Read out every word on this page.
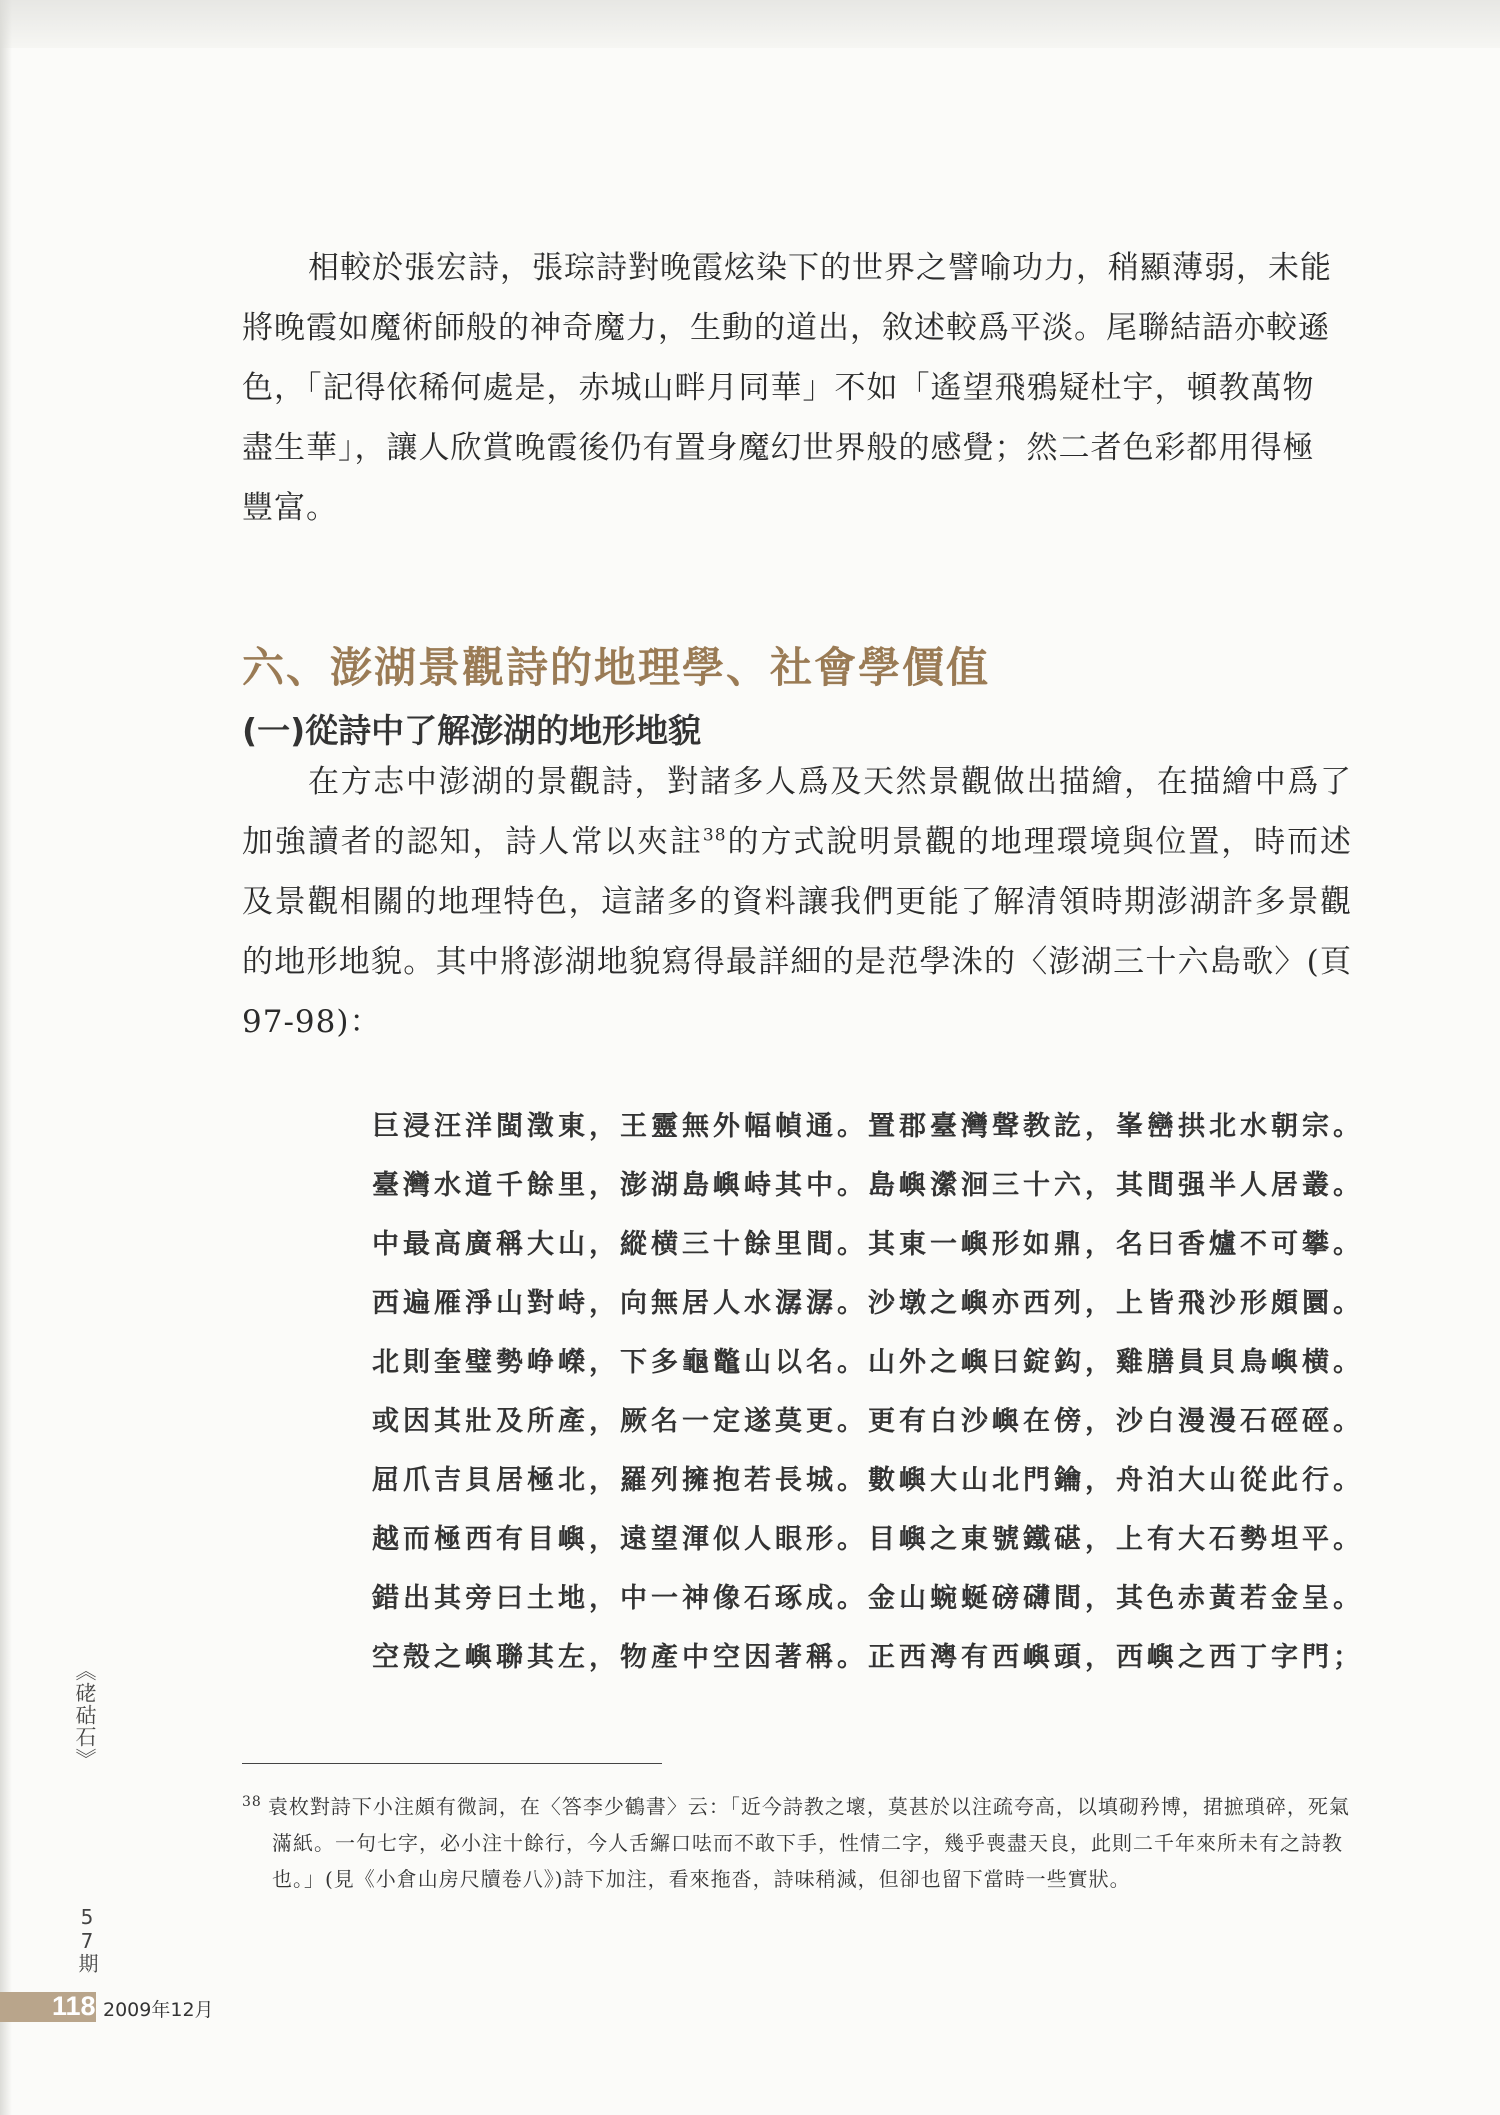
相較於張宏詩，張琮詩對晚霞炫染下的世界之譬喻功力，稍顯薄弱，未能
將晚霞如魔術師般的神奇魔力，生動的道出，敘述較爲平淡。尾聯結語亦較遜
色，「記得依稀何處是，赤城山畔月同華」不如「遙望飛鴉疑杜宇，頓教萬物
盡生華」，讓人欣賞晚霞後仍有置身魔幻世界般的感覺；然二者色彩都用得極
豐富。
六、澎湖景觀詩的地理學、社會學價值
(一)從詩中了解澎湖的地形地貌

在方志中澎湖的景觀詩，對諸多人爲及天然景觀做出描繪，在描繪中爲了加強讀者的認知，詩人常以夾註$^{38}$的方式說明景觀的地理環境與位置，時而述及景觀相關的地理特色，這諸多的資料讓我們更能了解清領時期澎湖許多景觀的地形地貌。其中將澎湖地貌寫得最詳細的是范學洙的〈澎湖三十六島歌〉(頁97-98)：

巨浸汪洋閩澂東，王靈無外幅幀通。置郡臺灣聲教訖，峯巒拱北水朝宗。
臺灣水道千餘里，澎湖島嶼峙其中。島嶼瀠洄三十六，其間强半人居叢。
中最高廣稱大山，縱横三十餘里間。其東一嶼形如鼎，名曰香爐不可攀。
西遍雁淨山對峙，向無居人水潺潺。沙墩之嶼亦西列，上皆飛沙形頗圜。
北則奎璧勢峥嶸，下多龜鼈山以名。山外之嶼曰錠鈎，雞膳員貝鳥嶼横。
或因其壯及所產，厥名一定遂莫更。更有白沙嶼在傍，沙白漫漫石硜硜。
屈爪吉貝居極北，羅列擁抱若長城。數嶼大山北門鑰，舟泊大山從此行。
越而極西有目嶼，遠望渾似人眼形。目嶼之東號鐵碪，上有大石勢坦平。
錯出其旁曰土地，中一神像石琢成。金山蜿蜒磅礴間，其色赤黃若金呈。
空殼之嶼聯其左，物產中空因著稱。正西澚有西嶼頭，西嶼之西丁字門；

$^{38}$ 袁枚對詩下小注頗有微詞，在〈答李少鶴書〉云：「近今詩教之壞，莫甚於以注疏夸高，以填砌矜博，捃摭瑣碎，死氣滿紙。一句七字，必小注十餘行，今人舌繲口呿而不敢下手，性情二字，幾乎喪盡天良，此則二千年來所未有之詩教也。」(見《小倉山房尺牘卷八》)詩下加注，看來拖沓，詩味稍減，但卻也留下當時一些實狀。

《硓𥑮石》

57期

118 2009年12月
